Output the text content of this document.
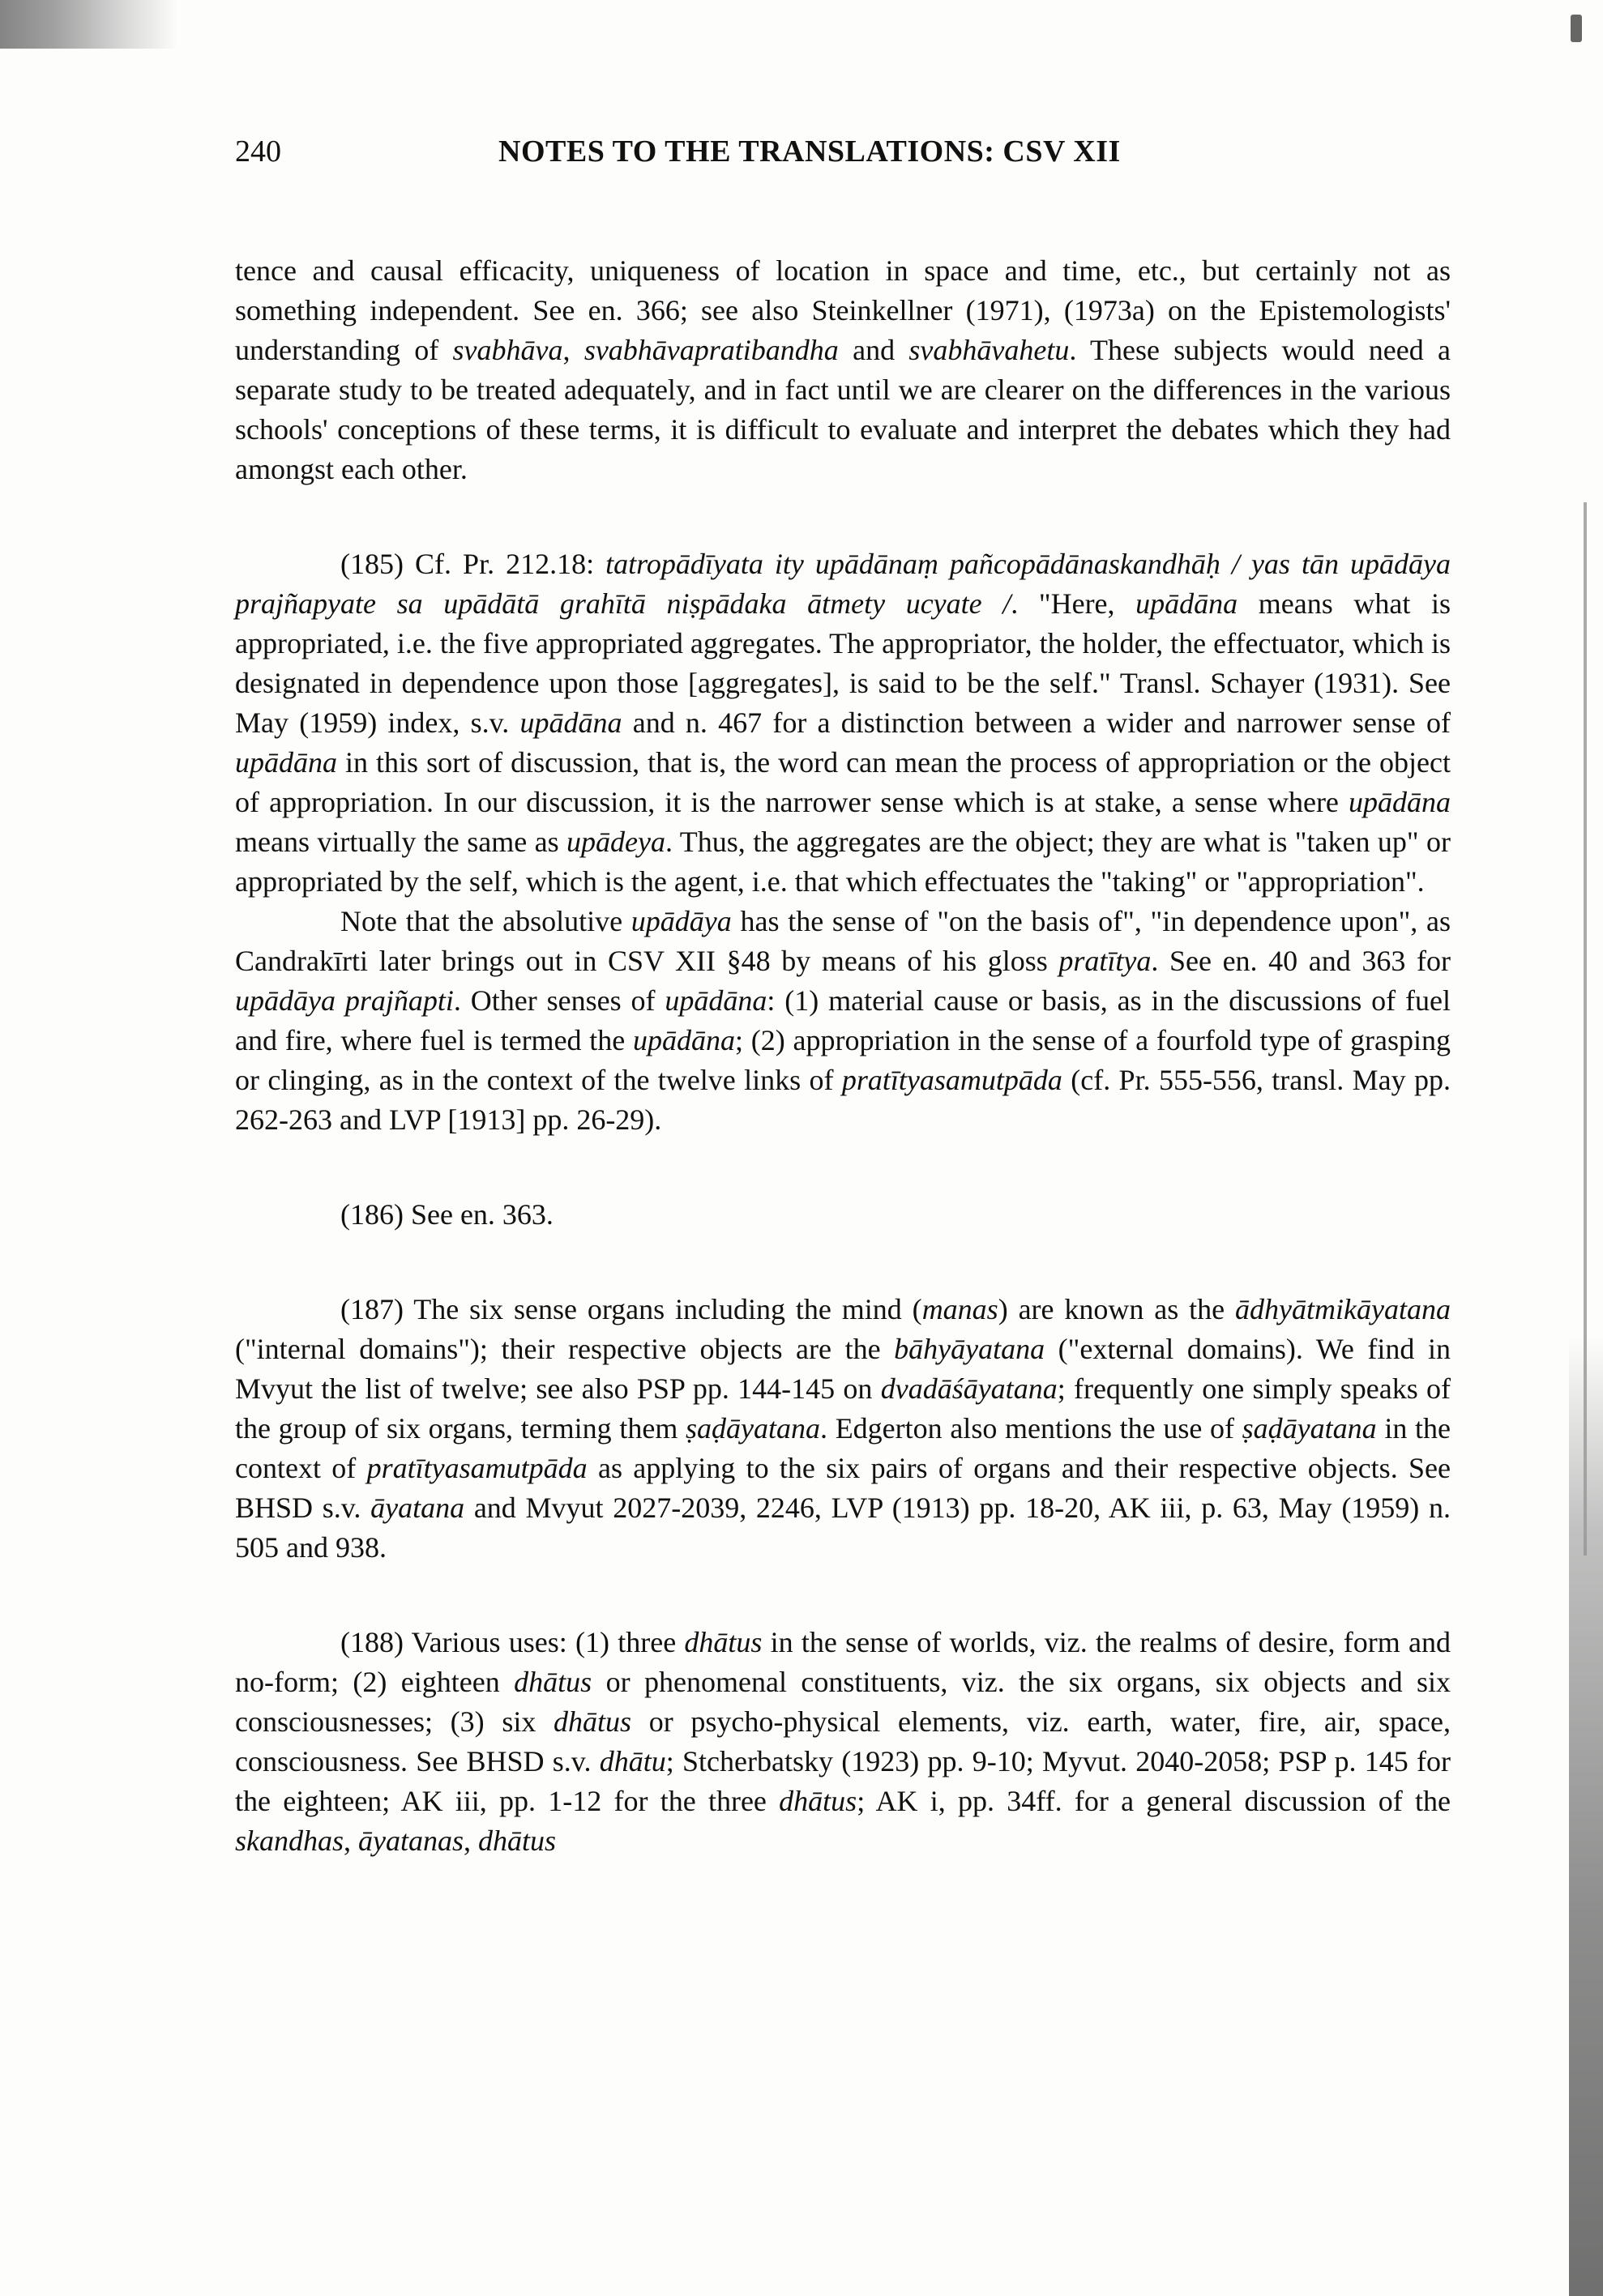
240	NOTES TO THE TRANSLATIONS: CSV XII

tence and causal efficacity, uniqueness of location in space and time, etc., but certainly not as something independent. See en. 366; see also Steinkellner (1971), (1973a) on the Epistemologists' understanding of svabhāva, svabhāvapratibandha and svabhāvahetu. These subjects would need a separate study to be treated adequately, and in fact until we are clearer on the differences in the various schools' conceptions of these terms, it is difficult to evaluate and interpret the debates which they had amongst each other.

(185) Cf. Pr. 212.18: tatropādīyata ity upādānaṃ pañcopādānaskandhāḥ / yas tān upādāya prajñapyate sa upādātā grahītā niṣpādaka ātmety ucyate /. "Here, upādāna means what is appropriated, i.e. the five appropriated aggregates. The appropriator, the holder, the effectuator, which is designated in dependence upon those [aggregates], is said to be the self." Transl. Schayer (1931). See May (1959) index, s.v. upādāna and n. 467 for a distinction between a wider and narrower sense of upādāna in this sort of discussion, that is, the word can mean the process of appropriation or the object of appropriation. In our discussion, it is the narrower sense which is at stake, a sense where upādāna means virtually the same as upādeya. Thus, the aggregates are the object; they are what is "taken up" or appropriated by the self, which is the agent, i.e. that which effectuates the "taking" or "appropriation".

Note that the absolutive upādāya has the sense of "on the basis of", "in dependence upon", as Candrakīrti later brings out in CSV XII §48 by means of his gloss pratītya. See en. 40 and 363 for upādāya prajñapti. Other senses of upādāna: (1) material cause or basis, as in the discussions of fuel and fire, where fuel is termed the upādāna; (2) appropriation in the sense of a fourfold type of grasping or clinging, as in the context of the twelve links of pratītyasamutpāda (cf. Pr. 555-556, transl. May pp. 262-263 and LVP [1913] pp. 26-29).

(186) See en. 363.

(187) The six sense organs including the mind (manas) are known as the ādhyātmikāyatana ("internal domains"); their respective objects are the bāhyāyatana ("external domains). We find in Mvyut the list of twelve; see also PSP pp. 144-145 on dvadāśāyatana; frequently one simply speaks of the group of six organs, terming them ṣaḍāyatana. Edgerton also mentions the use of ṣaḍāyatana in the context of pratītyasamutpāda as applying to the six pairs of organs and their respective objects. See BHSD s.v. āyatana and Mvyut 2027-2039, 2246, LVP (1913) pp. 18-20, AK iii, p. 63, May (1959) n. 505 and 938.

(188) Various uses: (1) three dhātus in the sense of worlds, viz. the realms of desire, form and no-form; (2) eighteen dhātus or phenomenal constituents, viz. the six organs, six objects and six consciousnesses; (3) six dhātus or psycho-physical elements, viz. earth, water, fire, air, space, consciousness. See BHSD s.v. dhātu; Stcherbatsky (1923) pp. 9-10; Myvut. 2040-2058; PSP p. 145 for the eighteen; AK iii, pp. 1-12 for the three dhātus; AK i, pp. 34ff. for a general discussion of the skandhas, āyatanas, dhātus
